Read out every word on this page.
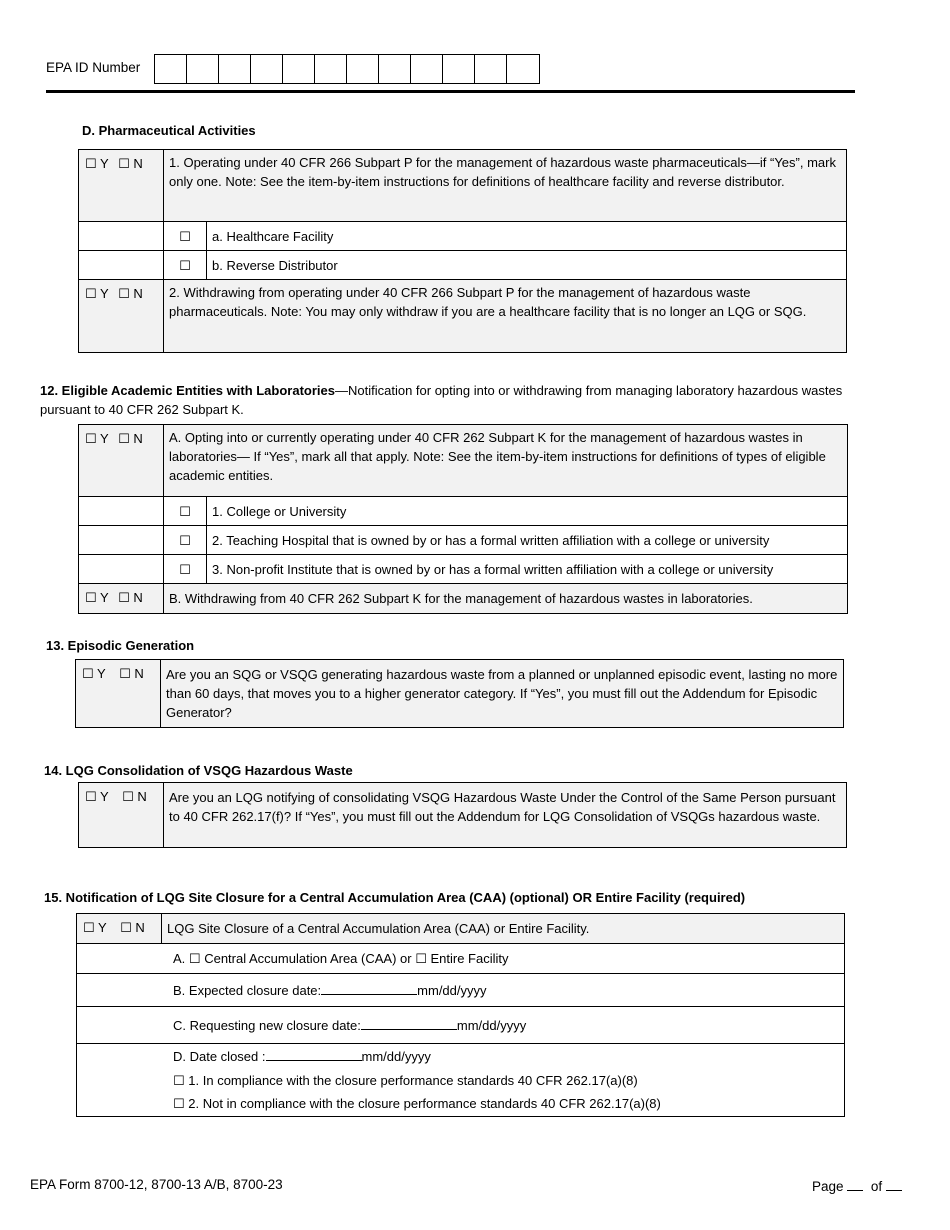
EPA ID Number
D. Pharmaceutical Activities
☐ Y ☐ N	1. Operating under 40 CFR 266 Subpart P for the management of hazardous waste pharmaceuticals—if “Yes”, mark only one. Note: See the item-by-item instructions for definitions of healthcare facility and reverse distributor.	
	☐	a. Healthcare Facility
	☐	b. Reverse Distributor
☐ Y ☐ N	2. Withdrawing from operating under 40 CFR 266 Subpart P for the management of hazardous waste pharmaceuticals. Note: You may only withdraw if you are a healthcare facility that is no longer an LQG or SQG.	
12. Eligible Academic Entities with Laboratories—Notification for opting into or withdrawing from managing laboratory hazardous wastes pursuant to 40 CFR 262 Subpart K.
☐ Y ☐ N	A. Opting into or currently operating under 40 CFR 262 Subpart K for the management of hazardous wastes in laboratories— If “Yes”, mark all that apply. Note: See the item-by-item instructions for definitions of types of eligible academic entities.	
	☐	1. College or University
	☐	2. Teaching Hospital that is owned by or has a formal written affiliation with a college or university
	☐	3. Non-profit Institute that is owned by or has a formal written affiliation with a college or university
☐ Y ☐ N	B. Withdrawing from 40 CFR 262 Subpart K for the management of hazardous wastes in laboratories.	
13. Episodic Generation
☐ Y ☐ N	Are you an SQG or VSQG generating hazardous waste from a planned or unplanned episodic event, lasting no more than 60 days, that moves you to a higher generator category. If “Yes”, you must fill out the Addendum for Episodic Generator?
14. LQG Consolidation of VSQG Hazardous Waste
☐ Y ☐ N	Are you an LQG notifying of consolidating VSQG Hazardous Waste Under the Control of the Same Person pursuant to 40 CFR 262.17(f)? If “Yes”, you must fill out the Addendum for LQG Consolidation of VSQGs hazardous waste.
15. Notification of LQG Site Closure for a Central Accumulation Area (CAA) (optional) OR Entire Facility (required)
☐ Y ☐ N	LQG Site Closure of a Central Accumulation Area (CAA) or Entire Facility.
A. ☐ Central Accumulation Area (CAA) or ☐ Entire Facility
B. Expected closure date:	mm/dd/yyyy
C. Requesting new closure date:	mm/dd/yyyy

D. Date closed :	mm/dd/yyyy
☐ 1. In compliance with the closure performance standards 40 CFR 262.17(a)(8)
☐ 2. Not in compliance with the closure performance standards 40 CFR 262.17(a)(8)
EPA Form 8700-12, 8700-13 A/B, 8700-23	Page of
